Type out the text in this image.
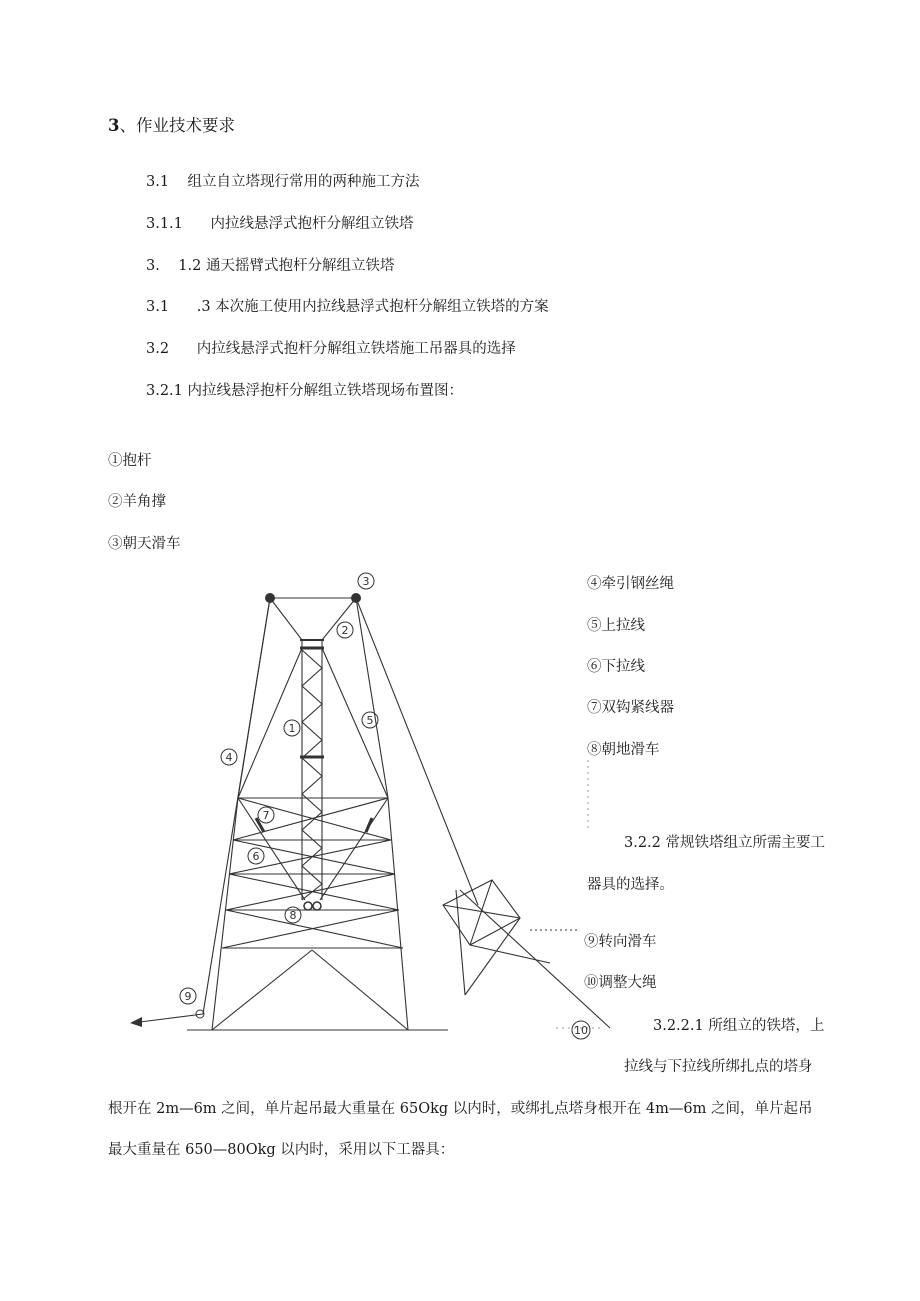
3、作业技术要求
3.1    组立自立塔现行常用的两种施工方法
3.1.1      内拉线悬浮式抱杆分解组立铁塔
3.    1.2 通天摇臂式抱杆分解组立铁塔
3.1      .3 本次施工使用内拉线悬浮式抱杆分解组立铁塔的方案
3.2      内拉线悬浮式抱杆分解组立铁塔施工吊器具的选择
3.2.1 内拉线悬浮抱杆分解组立铁塔现场布置图：
①抱杆
②羊角撑
③朝天滑车
④牵引钢丝绳
⑤上拉线
⑥下拉线
⑦双钩紧线器
⑧朝地滑车
3.2.2 常规铁塔组立所需主要工
器具的选择。
⑨转向滑车
⑩调整大绳
3.2.2.1 所组立的铁塔，上
拉线与下拉线所绑扎点的塔身
根开在 2m—6m 之间，单片起吊最大重量在 65Okg 以内时，或绑扎点塔身根开在 4m—6m 之间，单片起吊
最大重量在 650—80Okg 以内时，采用以下工器具：
3
2
1
5
4
7
6
8
9
10
